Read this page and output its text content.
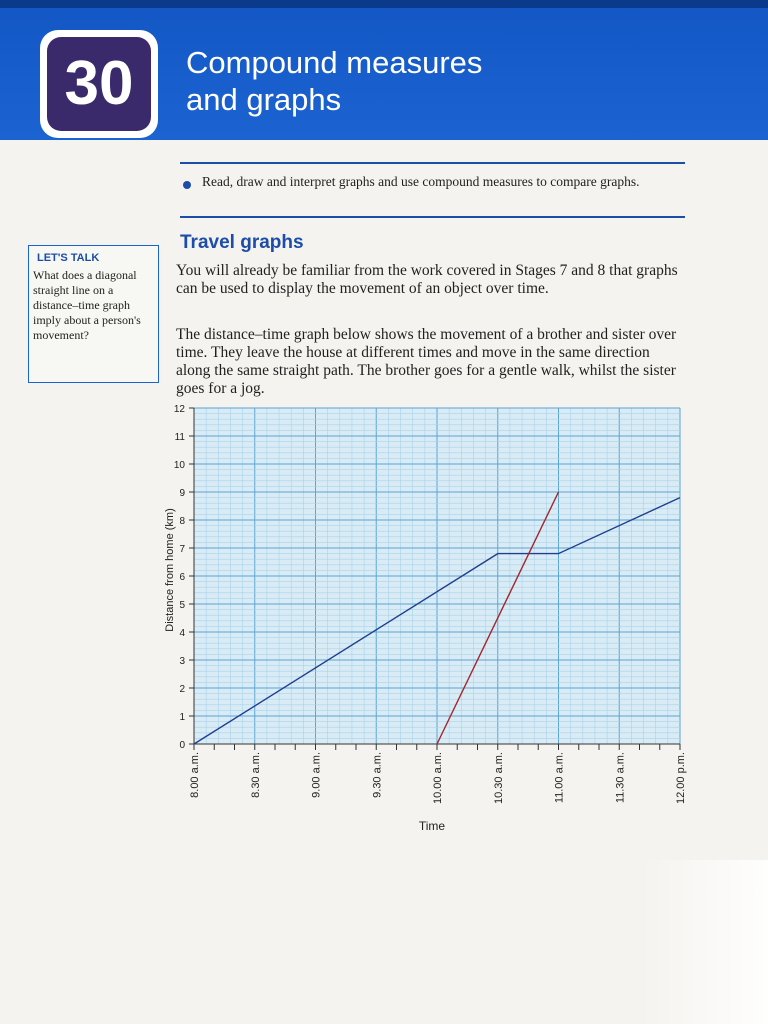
30	Compound measures
and graphs
Read, draw and interpret graphs and use compound measures to compare graphs.
LET'S TALK
What does a diagonal straight line on a distance–time graph imply about a person's movement?
Travel graphs
You will already be familiar from the work covered in Stages 7 and 8 that graphs can be used to display the movement of an object over time.
The distance–time graph below shows the movement of a brother and sister over time. They leave the house at different times and move in the same direction along the same straight path. The brother goes for a gentle walk, whilst the sister goes for a jog.
0
1
2
3
4
5
6
7
8
9
10
11
12
8.00 a.m.	8.30 a.m.	9.00 a.m.	9.30 a.m.	10.00 a.m.	10.30 a.m.	11.00 a.m.	11.30 a.m.	12.00 p.m.
Distance from home (km)
Time
